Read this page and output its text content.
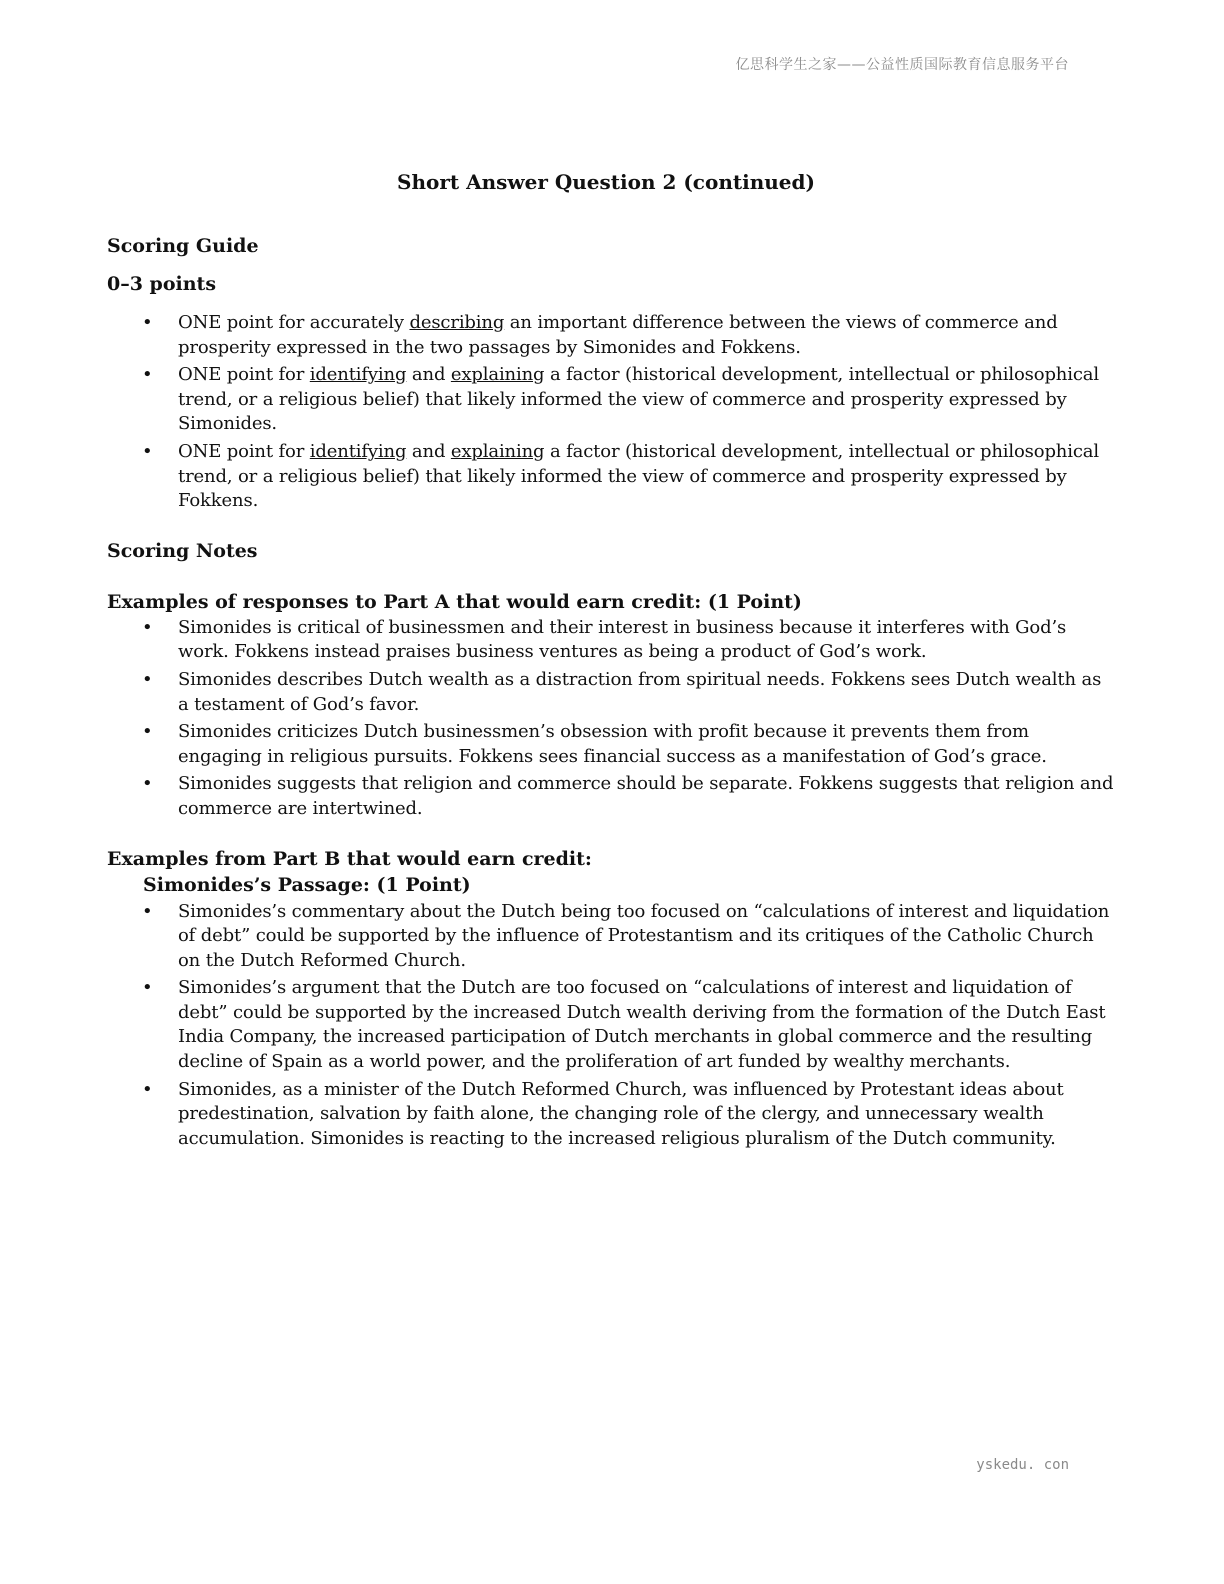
亿思科学生之家——公益性质国际教育信息服务平台
Short Answer Question 2 (continued)

Scoring Guide

0–3 points

• ONE point for accurately describing an important difference between the views of commerce and prosperity expressed in the two passages by Simonides and Fokkens.
• ONE point for identifying and explaining a factor (historical development, intellectual or philosophical trend, or a religious belief) that likely informed the view of commerce and prosperity expressed by Simonides.
• ONE point for identifying and explaining a factor (historical development, intellectual or philosophical trend, or a religious belief) that likely informed the view of commerce and prosperity expressed by Fokkens.

Scoring Notes

Examples of responses to Part A that would earn credit: (1 Point)

• Simonides is critical of businessmen and their interest in business because it interferes with God’s work. Fokkens instead praises business ventures as being a product of God’s work.
• Simonides describes Dutch wealth as a distraction from spiritual needs. Fokkens sees Dutch wealth as a testament of God’s favor.
• Simonides criticizes Dutch businessmen’s obsession with profit because it prevents them from engaging in religious pursuits. Fokkens sees financial success as a manifestation of God’s grace.
• Simonides suggests that religion and commerce should be separate. Fokkens suggests that religion and commerce are intertwined.

Examples from Part B that would earn credit:

Simonides’s Passage: (1 Point)

• Simonides’s commentary about the Dutch being too focused on “calculations of interest and liquidation of debt” could be supported by the influence of Protestantism and its critiques of the Catholic Church on the Dutch Reformed Church.
• Simonides’s argument that the Dutch are too focused on “calculations of interest and liquidation of debt” could be supported by the increased Dutch wealth deriving from the formation of the Dutch East India Company, the increased participation of Dutch merchants in global commerce and the resulting decline of Spain as a world power, and the proliferation of art funded by wealthy merchants.
• Simonides, as a minister of the Dutch Reformed Church, was influenced by Protestant ideas about predestination, salvation by faith alone, the changing role of the clergy, and unnecessary wealth accumulation. Simonides is reacting to the increased religious pluralism of the Dutch community.
yskedu. con
